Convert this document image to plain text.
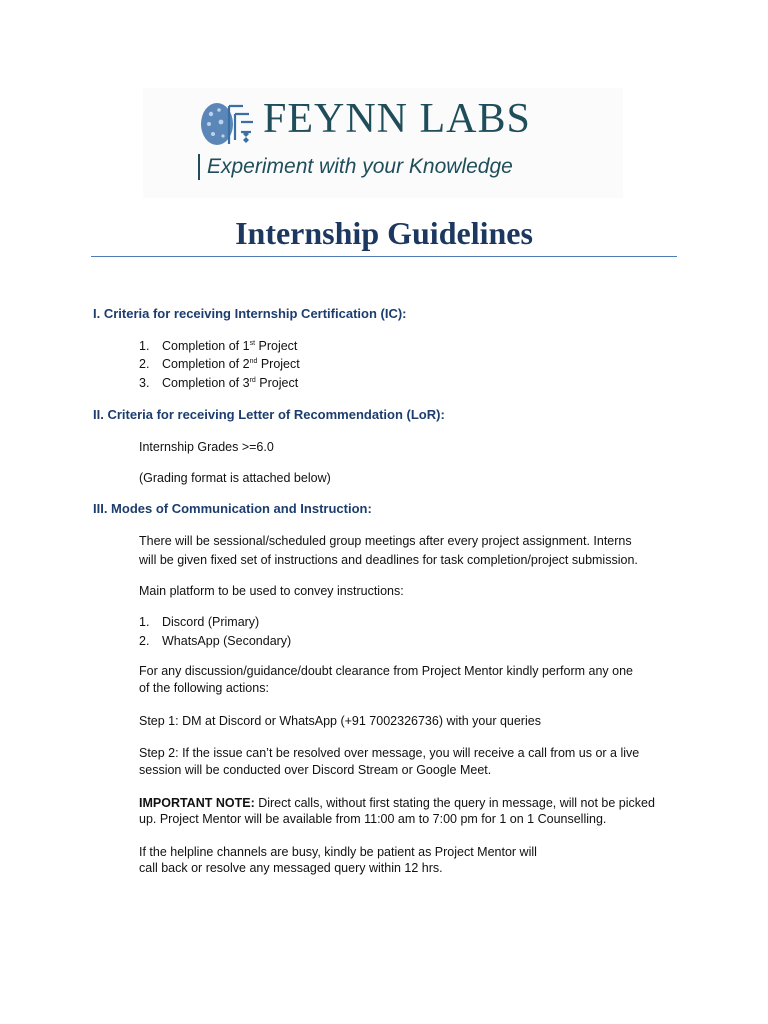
FEYNN LABS
Experiment with your Knowledge
Internship Guidelines
I. Criteria for receiving Internship Certification (IC):
1. Completion of 1st Project
2. Completion of 2nd Project
3. Completion of 3rd Project
II. Criteria for receiving Letter of Recommendation (LoR):
Internship Grades >=6.0
(Grading format is attached below)
III. Modes of Communication and Instruction:
There will be sessional/scheduled group meetings after every project assignment. Interns
will be given fixed set of instructions and deadlines for task completion/project submission.
Main platform to be used to convey instructions:
1. Discord (Primary)
2. WhatsApp (Secondary)
For any discussion/guidance/doubt clearance from Project Mentor kindly perform any one
of the following actions:
Step 1: DM at Discord or WhatsApp (+91 7002326736) with your queries
Step 2: If the issue can’t be resolved over message, you will receive a call from us or a live
session will be conducted over Discord Stream or Google Meet.
IMPORTANT NOTE: Direct calls, without first stating the query in message, will not be picked
up. Project Mentor will be available from 11:00 am to 7:00 pm for 1 on 1 Counselling.
If the helpline channels are busy, kindly be patient as Project Mentor will
call back or resolve any messaged query within 12 hrs.
